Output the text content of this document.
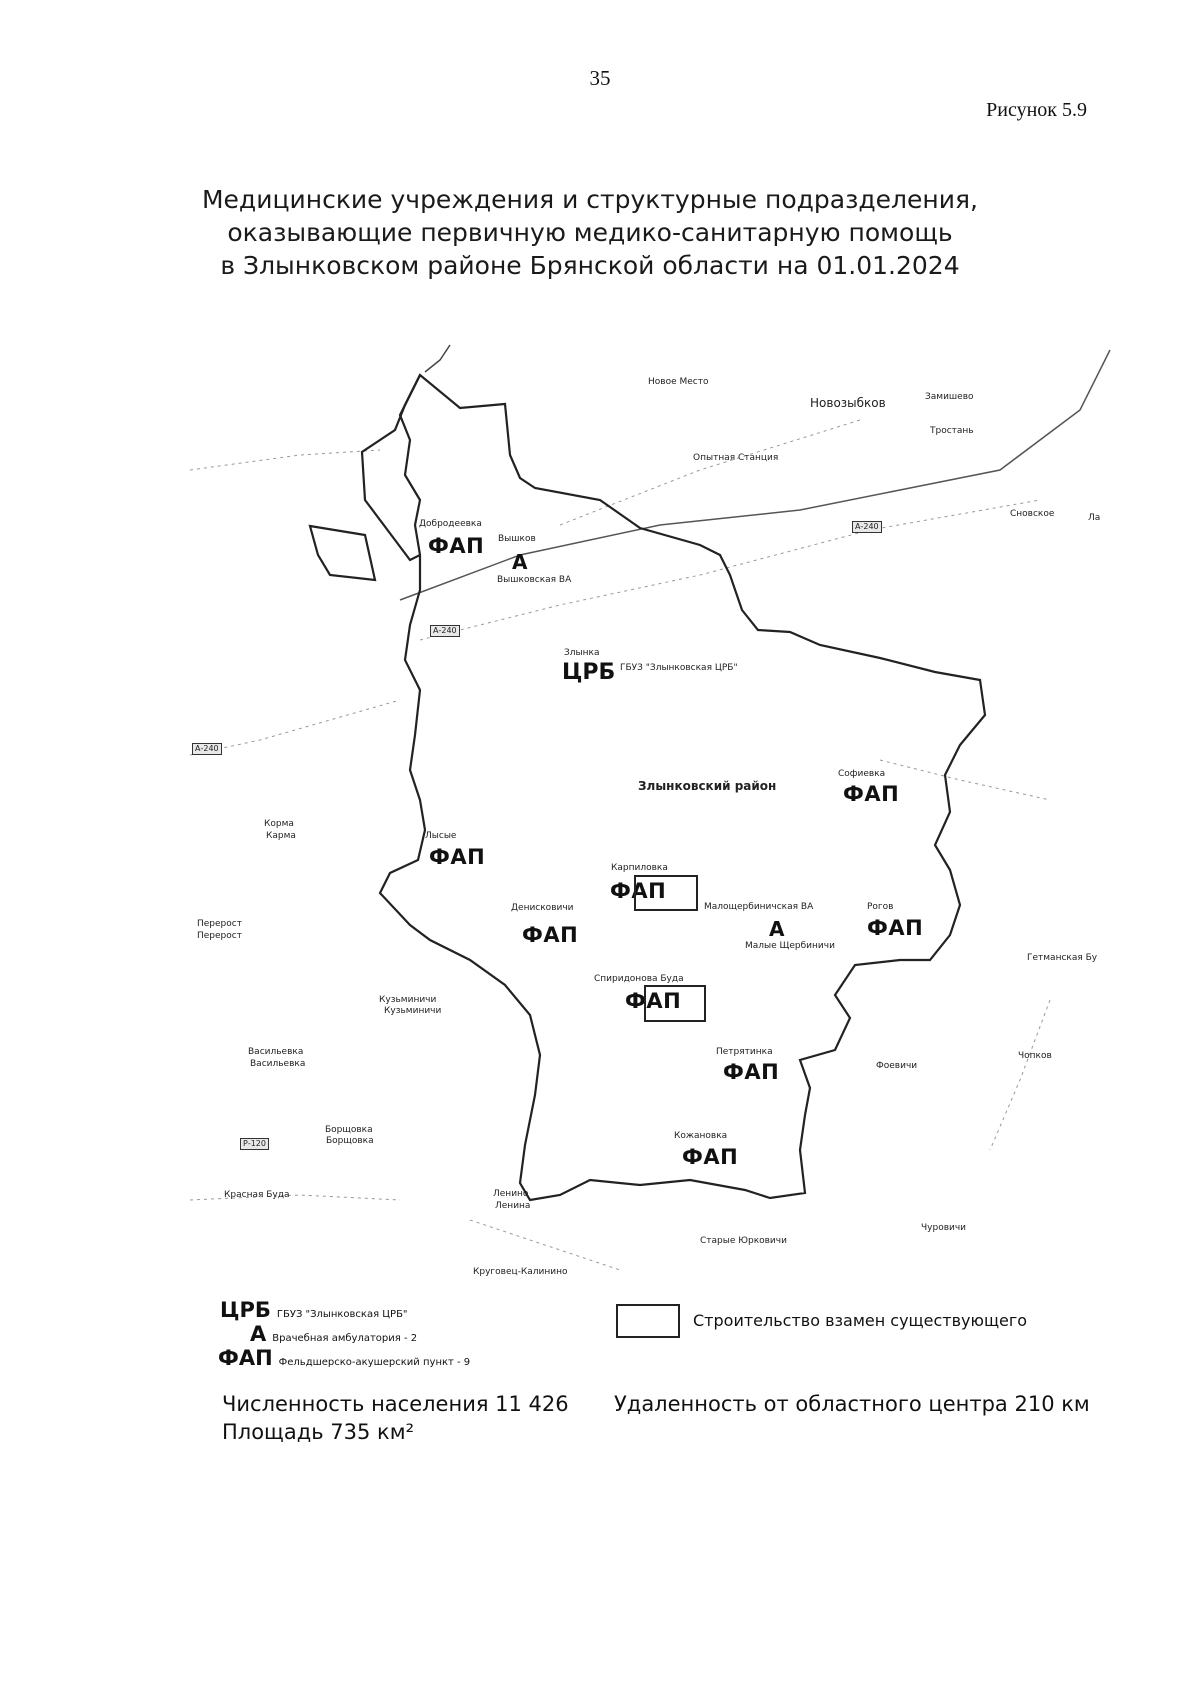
35
Рисунок 5.9
Медицинские учреждения и структурные подразделения,
оказывающие первичную медико-санитарную помощь
в Злынковском районе Брянской области на 01.01.2024
Новое Место
Новозыбков	Замишево
Тростань
Опытная Станция
Сновское	Ла
Добродеевка
ФАП Вышков
А
Вышковская ВА
Злынка
ЦРБ ГБУЗ "Злынковская ЦРБ"
Злынковский район
Софиевка
ФАП
Корма
Карма	Лысые
ФАП	Карпиловка
ФАП
Малощербиничская ВА	Рогов
А	ФАП
Малые Щербиничи
Перерост
Перерост
Денисковичи
ФАП
Гетманская Бу
Спиридонова Буда
ФАП
Кузьминичи
Кузьминичи
Васильевка
Васильевка
Петрятинка
ФАП	Фоевичи
Чопков
Борщовка
Борщовка	Кожановка
ФАП
Красная Буда	Ленино
Ленина
Чуровичи
Старые Юрковичи
Круговец-Калинино
А-240
А-240
А-240
Р-120
ЦРБ ГБУЗ "Злынковская ЦРБ"
А Врачебная амбулатория - 2
ФАП Фельдшерско-акушерский пункт - 9
Строительство взамен существующего
Численность населения 11 426 Удаленность от областного центра 210 км
Площадь 735 км²
